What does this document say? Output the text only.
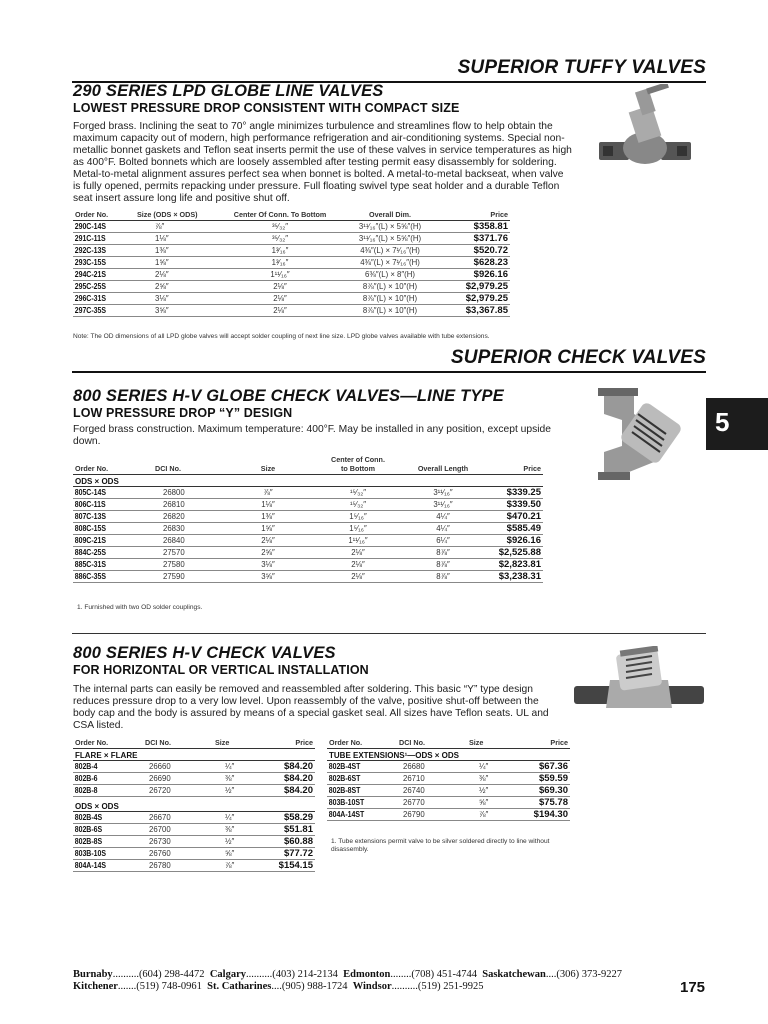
SUPERIOR TUFFY VALVES
290 SERIES LPD GLOBE LINE VALVES
LOWEST PRESSURE DROP CONSISTENT WITH COMPACT SIZE
Forged brass. Inclining the seat to 70° angle minimizes turbulence and streamlines flow to help obtain the maximum capacity out of modern, high performance refrigeration and air-conditioning systems. Special non-metallic bonnet gaskets and Teflon seat inserts permit the use of these valves in service temperatures as high as 400°F. Bolted bonnets which are loosely assembled after testing permit easy disassembly for soldering. Metal-to-metal alignment assures perfect sea when bonnet is bolted. A metal-to-metal backseat, when valve is fully opened, permits repacking under pressure. Full floating swivel type seat holder and a durable Teflon seat insert assure long life and positive shut off.
Order No.	Size (ODS × ODS)	Center Of Conn. To Bottom	Overall Dim.	Price
290C-14S	⅞″	³⁵⁄₃₂″	3¹¹⁄₁₆″(L) × 5⅝″(H)	$358.81
291C-11S	1⅛″	³⁵⁄₃₂″	3¹¹⁄₁₆″(L) × 5⅝″(H)	$371.76
292C-13S	1⅜″	1³⁄₁₆″	4⅜″(L) × 7¹⁄₁₆″(H)	$520.72
293C-15S	1⅝″	1³⁄₁₆″	4⅜″(L) × 7¹⁄₁₆″(H)	$628.23
294C-21S	2⅛″	1¹¹⁄₁₆″	6⅜″(L) × 8″(H)	$926.16
295C-25S	2⅝″	2⅛″	8⅞″(L) × 10″(H)	$2,979.25
296C-31S	3⅛″	2⅛″	8⅞″(L) × 10″(H)	$2,979.25
297C-35S	3⅝″	2⅛″	8⅞″(L) × 10″(H)	$3,367.85
Note: The OD dimensions of all LPD globe valves will accept solder coupling of next line size. LPD globe valves available with tube extensions.
SUPERIOR CHECK VALVES
800 SERIES H-V GLOBE CHECK VALVES—LINE TYPE
LOW PRESSURE DROP “Y” DESIGN
Forged brass construction. Maximum temperature: 400°F. May be installed in any position, except upside down.
5
Order No.	DCI No.	Size	Center of Conn.
to Bottom	Overall Length	Price
ODS × ODS					
805C-14S	26800	⅞″	¹⁵⁄₃₂″	3¹¹⁄₁₆″	$339.25
806C-11S	26810	1⅛″	¹⁵⁄₃₂″	3¹¹⁄₁₆″	$339.50
807C-13S	26820	1⅜″	1⁵⁄₁₆″	4¼″	$470.21
808C-15S	26830	1⅝″	1⁵⁄₁₆″	4¼″	$585.49
809C-21S	26840	2⅛″	1¹¹⁄₁₆″	6¼″	$926.16
884C-25S	27570	2⅝″	2⅛″	8⅞″	$2,525.88
885C-31S	27580	3⅛″	2⅛″	8⅞″	$2,823.81
886C-35S	27590	3⅝″	2⅛″	8⅞″	$3,238.31
1. Furnished with two OD solder couplings.
800 SERIES H-V CHECK VALVES
FOR HORIZONTAL OR VERTICAL INSTALLATION
The internal parts can easily be removed and reassembled after soldering. This basic “Y” type design reduces pressure drop to a very low level. Upon reassembly of the valve, positive shut-off between the body cap and the body is assured by means of a special gasket seal. All sizes have Teflon seats. UL and CSA listed.
Order No.	DCI No.	Size	Price
FLARE × FLARE			
802B-4	26660	¼″	$84.20
802B-6	26690	⅜″	$84.20
802B-8	26720	½″	$84.20
ODS × ODS			
802B-4S	26670	¼″	$58.29
802B-6S	26700	⅜″	$51.81
802B-8S	26730	½″	$60.88
803B-10S	26760	⅝″	$77.72
804A-14S	26780	⅞″	$154.15
Order No.	DCI No.	Size	Price
TUBE EXTENSIONS¹—ODS × ODS			
802B-4ST	26680	¼″	$67.36
802B-6ST	26710	⅜″	$59.59
802B-8ST	26740	½″	$69.30
803B-10ST	26770	⅝″	$75.78
804A-14ST	26790	⅞″	$194.30
1. Tube extensions permit valve to be silver soldered directly to line without disassembly.
Burnaby..........(604) 298-4472 Calgary..........(403) 214-2134 Edmonton........(708) 451-4744 Saskatchewan....(306) 373-9227
Kitchener.......(519) 748-0961 St. Catharines....(905) 988-1724 Windsor..........(519) 251-9925	175
